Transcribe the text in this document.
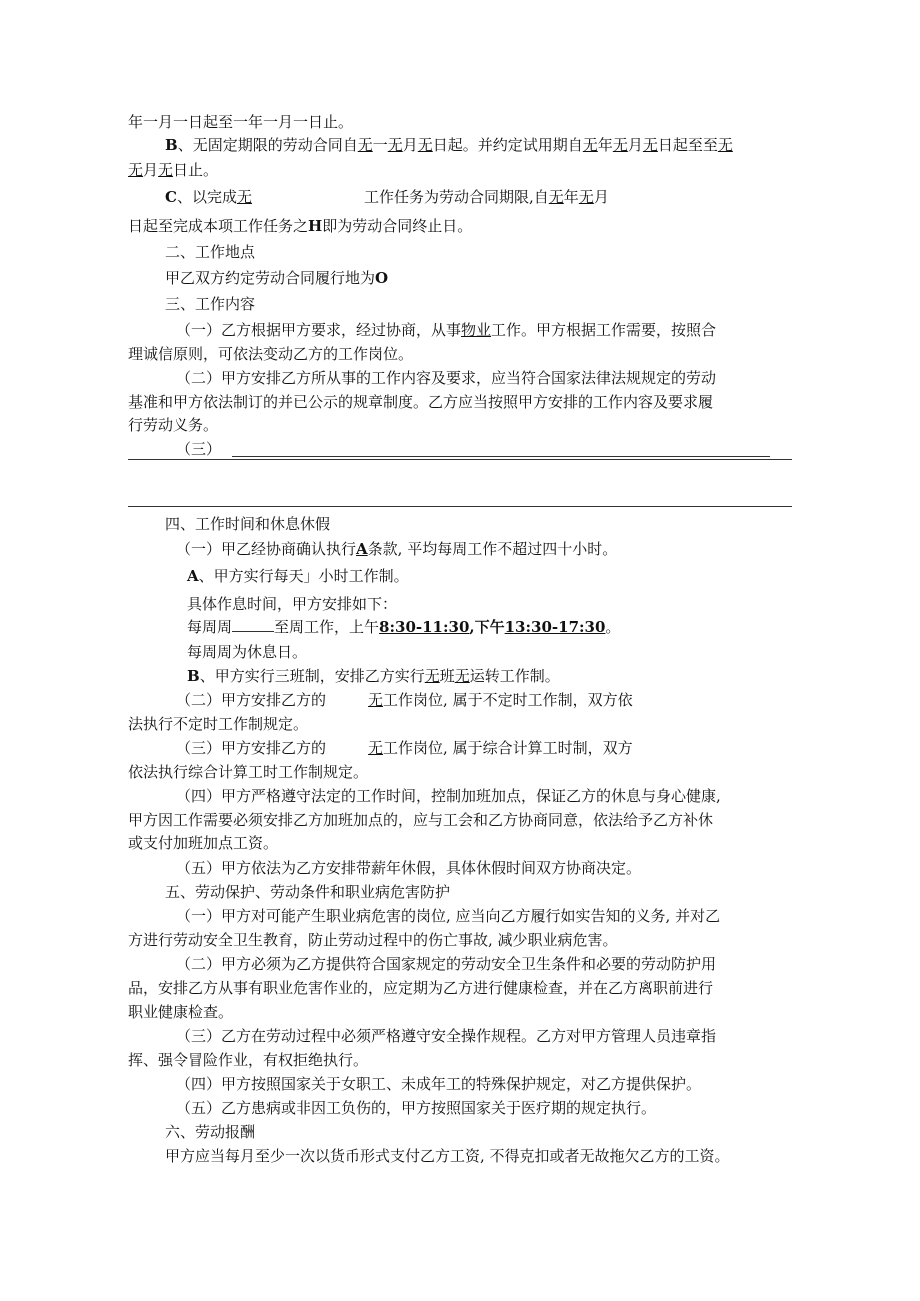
年一月一日起至一年一月一日止。
B、无固定期限的劳动合同自无一无月无日起。并约定试用期自无年无月无日起至至无
无月无日止。
C、以完成无	工作任务为劳动合同期限,自无年无月
日起至完成本项工作任务之H即为劳动合同终止日。
二、工作地点
甲乙双方约定劳动合同履行地为O
三、工作内容
（一）乙方根据甲方要求，经过协商，从事物业工作。甲方根据工作需要，按照合
理诚信原则，可依法变动乙方的工作岗位。
（二）甲方安排乙方所从事的工作内容及要求，应当符合国家法律法规规定的劳动
基准和甲方依法制订的并已公示的规章制度。乙方应当按照甲方安排的工作内容及要求履
行劳动义务。
（三）
四、工作时间和休息休假
（一）甲乙经协商确认执行A条款, 平均每周工作不超过四十小时。
A、甲方实行每天」小时工作制。
具体作息时间，甲方安排如下：
每周周	至周工作，上午8:30-11:30,下午13:30-17:30。
每周周为休息日。
B、甲方实行三班制，安排乙方实行无班无运转工作制。
（二）甲方安排乙方的	无工作岗位, 属于不定时工作制，双方依
法执行不定时工作制规定。
（三）甲方安排乙方的	无工作岗位, 属于综合计算工时制，双方
依法执行综合计算工时工作制规定。
（四）甲方严格遵守法定的工作时间，控制加班加点，保证乙方的休息与身心健康,
甲方因工作需要必须安排乙方加班加点的，应与工会和乙方协商同意，依法给予乙方补休
或支付加班加点工资。
（五）甲方依法为乙方安排带薪年休假，具体休假时间双方协商决定。
五、劳动保护、劳动条件和职业病危害防护
（一）甲方对可能产生职业病危害的岗位, 应当向乙方履行如实告知的义务, 并对乙
方进行劳动安全卫生教育，防止劳动过程中的伤亡事故, 减少职业病危害。
（二）甲方必须为乙方提供符合国家规定的劳动安全卫生条件和必要的劳动防护用
品，安排乙方从事有职业危害作业的，应定期为乙方进行健康检查，并在乙方离职前进行
职业健康检查。
（三）乙方在劳动过程中必须严格遵守安全操作规程。乙方对甲方管理人员违章指
挥、强令冒险作业，有权拒绝执行。
（四）甲方按照国家关于女职工、未成年工的特殊保护规定，对乙方提供保护。
（五）乙方患病或非因工负伤的，甲方按照国家关于医疗期的规定执行。
六、劳动报酬
甲方应当每月至少一次以货币形式支付乙方工资, 不得克扣或者无故拖欠乙方的工资。
